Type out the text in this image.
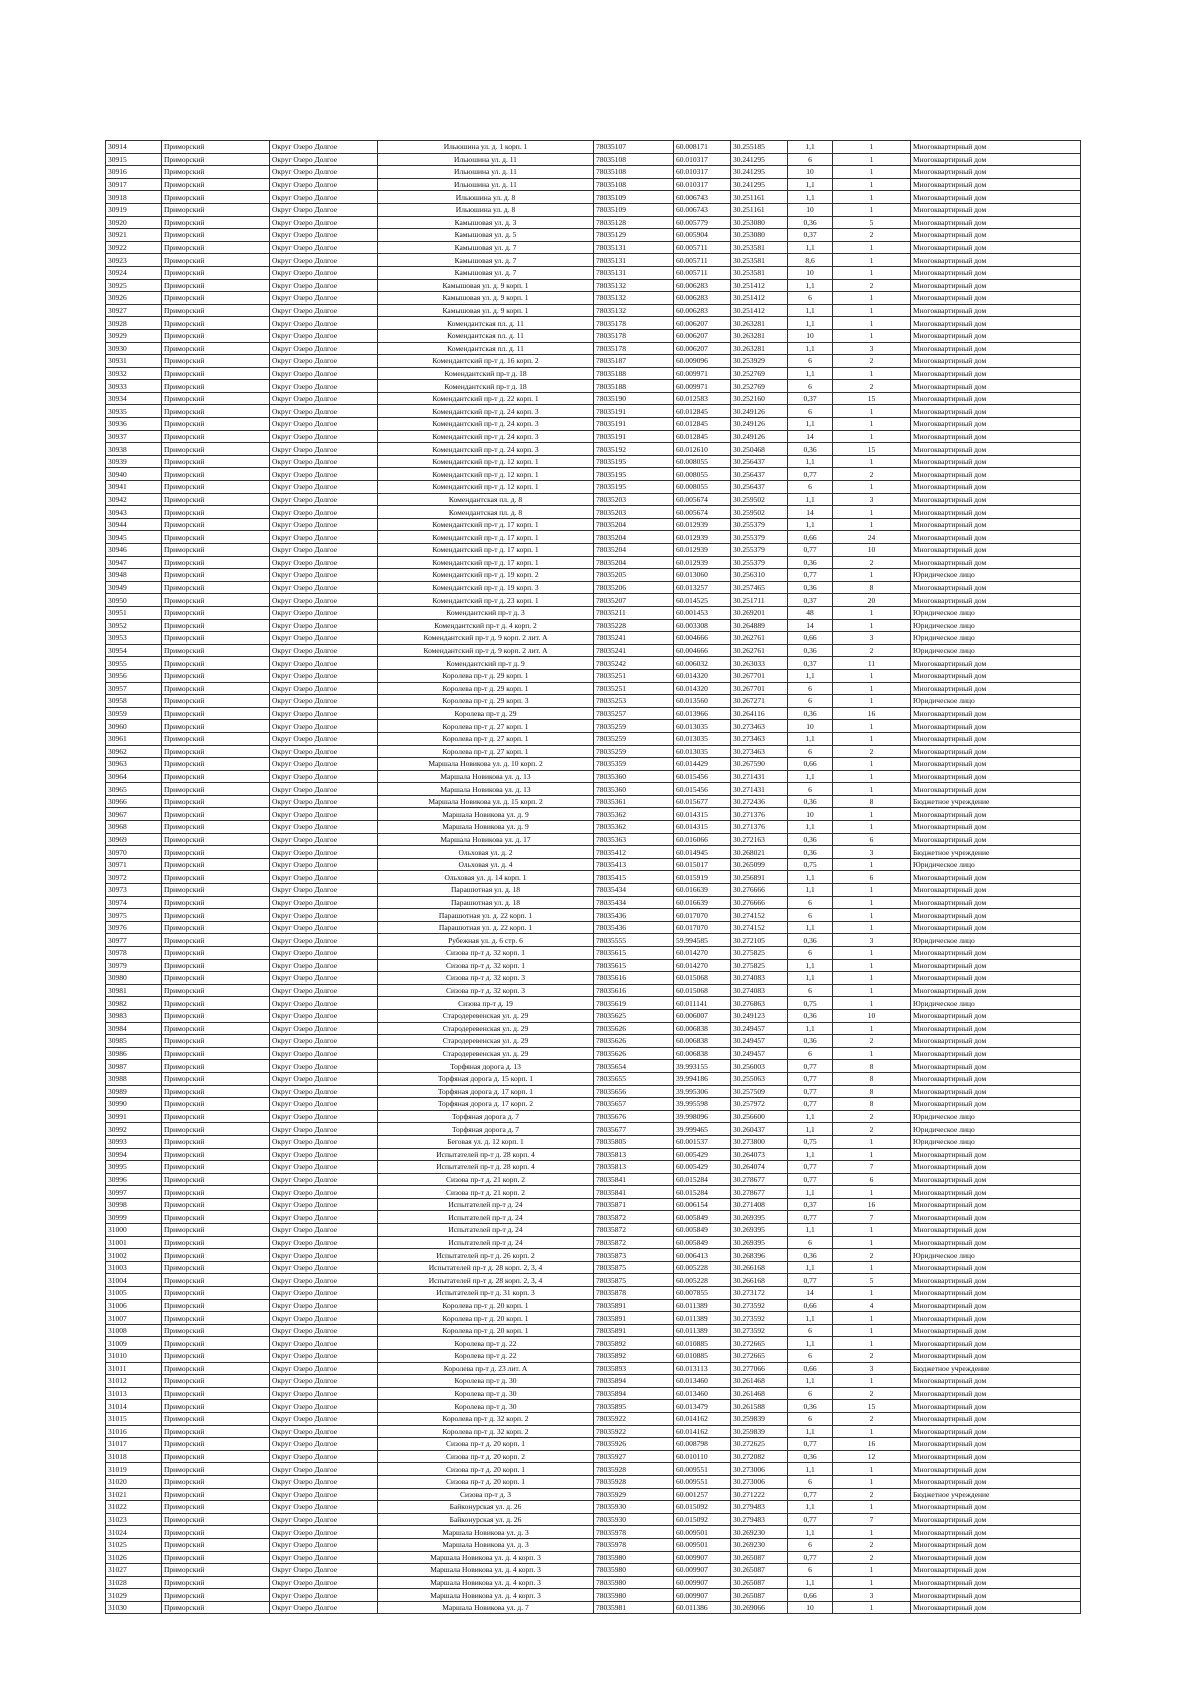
30914	Приморский	Округ Озеро Долгое	Ильюшина ул. д. 1 корп. 1	78035107	60.008171	30.255185	1,1	1	Многоквартирный дом
30915	Приморский	Округ Озеро Долгое	Ильюшина ул. д. 11	78035108	60.010317	30.241295	6	1	Многоквартирный дом
30916	Приморский	Округ Озеро Долгое	Ильюшина ул. д. 11	78035108	60.010317	30.241295	10	1	Многоквартирный дом
30917	Приморский	Округ Озеро Долгое	Ильюшина ул. д. 11	78035108	60.010317	30.241295	1,1	1	Многоквартирный дом
30918	Приморский	Округ Озеро Долгое	Ильюшина ул. д. 8	78035109	60.006743	30.251161	1,1	1	Многоквартирный дом
30919	Приморский	Округ Озеро Долгое	Ильюшина ул. д. 8	78035109	60.006743	30.251161	10	1	Многоквартирный дом
30920	Приморский	Округ Озеро Долгое	Камышовая ул. д. 3	78035128	60.005779	30.253080	0,36	5	Многоквартирный дом
30921	Приморский	Округ Озеро Долгое	Камышовая ул. д. 5	78035129	60.005904	30.253080	0,37	2	Многоквартирный дом
30922	Приморский	Округ Озеро Долгое	Камышовая ул. д. 7	78035131	60.005711	30.253581	1,1	1	Многоквартирный дом
30923	Приморский	Округ Озеро Долгое	Камышовая ул. д. 7	78035131	60.005711	30.253581	8,6	1	Многоквартирный дом
30924	Приморский	Округ Озеро Долгое	Камышовая ул. д. 7	78035131	60.005711	30.253581	10	1	Многоквартирный дом
30925	Приморский	Округ Озеро Долгое	Камышовая ул. д. 9 корп. 1	78035132	60.006283	30.251412	1,1	2	Многоквартирный дом
30926	Приморский	Округ Озеро Долгое	Камышовая ул. д. 9 корп. 1	78035132	60.006283	30.251412	6	1	Многоквартирный дом
30927	Приморский	Округ Озеро Долгое	Камышовая ул. д. 9 корп. 1	78035132	60.006283	30.251412	1,1	1	Многоквартирный дом
30928	Приморский	Округ Озеро Долгое	Комендантская пл. д. 11	78035178	60.006207	30.263281	1,1	1	Многоквартирный дом
30929	Приморский	Округ Озеро Долгое	Комендантская пл. д. 11	78035178	60.006207	30.263281	10	1	Многоквартирный дом
30930	Приморский	Округ Озеро Долгое	Комендантская пл. д. 11	78035178	60.006207	30.263281	1,1	3	Многоквартирный дом
30931	Приморский	Округ Озеро Долгое	Комендантский пр-т д. 16 корп. 2	78035187	60.009096	30.253929	6	2	Многоквартирный дом
30932	Приморский	Округ Озеро Долгое	Комендантский пр-т д. 18	78035188	60.009971	30.252769	1,1	1	Многоквартирный дом
30933	Приморский	Округ Озеро Долгое	Комендантский пр-т д. 18	78035188	60.009971	30.252769	6	2	Многоквартирный дом
30934	Приморский	Округ Озеро Долгое	Комендантский пр-т д. 22 корп. 1	78035190	60.012583	30.252160	0,37	15	Многоквартирный дом
30935	Приморский	Округ Озеро Долгое	Комендантский пр-т д. 24 корп. 3	78035191	60.012845	30.249126	6	1	Многоквартирный дом
30936	Приморский	Округ Озеро Долгое	Комендантский пр-т д. 24 корп. 3	78035191	60.012845	30.249126	1,1	1	Многоквартирный дом
30937	Приморский	Округ Озеро Долгое	Комендантский пр-т д. 24 корп. 3	78035191	60.012845	30.249126	14	1	Многоквартирный дом
30938	Приморский	Округ Озеро Долгое	Комендантский пр-т д. 24 корп. 3	78035192	60.012610	30.250468	0,36	15	Многоквартирный дом
30939	Приморский	Округ Озеро Долгое	Комендантский пр-т д. 12 корп. 1	78035195	60.008055	30.256437	1,1	1	Многоквартирный дом
30940	Приморский	Округ Озеро Долгое	Комендантский пр-т д. 12 корп. 1	78035195	60.008055	30.256437	0,77	2	Многоквартирный дом
30941	Приморский	Округ Озеро Долгое	Комендантский пр-т д. 12 корп. 1	78035195	60.008055	30.256437	6	1	Многоквартирный дом
30942	Приморский	Округ Озеро Долгое	Комендантская пл. д. 8	78035203	60.005674	30.259502	1,1	3	Многоквартирный дом
30943	Приморский	Округ Озеро Долгое	Комендантская пл. д. 8	78035203	60.005674	30.259502	14	1	Многоквартирный дом
30944	Приморский	Округ Озеро Долгое	Комендантский пр-т д. 17 корп. 1	78035204	60.012939	30.255379	1,1	1	Многоквартирный дом
30945	Приморский	Округ Озеро Долгое	Комендантский пр-т д. 17 корп. 1	78035204	60.012939	30.255379	0,66	24	Многоквартирный дом
30946	Приморский	Округ Озеро Долгое	Комендантский пр-т д. 17 корп. 1	78035204	60.012939	30.255379	0,77	10	Многоквартирный дом
30947	Приморский	Округ Озеро Долгое	Комендантский пр-т д. 17 корп. 1	78035204	60.012939	30.255379	0,36	2	Многоквартирный дом
30948	Приморский	Округ Озеро Долгое	Комендантский пр-т д. 19 корп. 2	78035205	60.013060	30.256310	0,77	1	Юридическое лицо
30949	Приморский	Округ Озеро Долгое	Комендантский пр-т д. 19 корп. 3	78035206	60.013257	30.257465	0,36	8	Многоквартирный дом
30950	Приморский	Округ Озеро Долгое	Комендантский пр-т д. 23 корп. 1	78035207	60.014525	30.251711	0,37	20	Многоквартирный дом
30951	Приморский	Округ Озеро Долгое	Комендантский пр-т д. 3	78035211	60.001453	30.269201	48	1	Юридическое лицо
30952	Приморский	Округ Озеро Долгое	Комендантский пр-т д. 4 корп. 2	78035228	60.003308	30.264889	14	1	Юридическое лицо
30953	Приморский	Округ Озеро Долгое	Комендантский пр-т д. 9 корп. 2 лит. А	78035241	60.004666	30.262761	0,66	3	Юридическое лицо
30954	Приморский	Округ Озеро Долгое	Комендантский пр-т д. 9 корп. 2 лит. А	78035241	60.004666	30.262761	0,36	2	Юридическое лицо
30955	Приморский	Округ Озеро Долгое	Комендантский пр-т д. 9	78035242	60.006032	30.263033	0,37	11	Многоквартирный дом
30956	Приморский	Округ Озеро Долгое	Королева пр-т д. 29 корп. 1	78035251	60.014320	30.267701	1,1	1	Многоквартирный дом
30957	Приморский	Округ Озеро Долгое	Королева пр-т д. 29 корп. 1	78035251	60.014320	30.267701	6	1	Многоквартирный дом
30958	Приморский	Округ Озеро Долгое	Королева пр-т д. 29 корп. 3	78035253	60.013560	30.267271	6	1	Юридическое лицо
30959	Приморский	Округ Озеро Долгое	Королева пр-т д. 29	78035257	60.013966	30.264116	0,36	16	Многоквартирный дом
30960	Приморский	Округ Озеро Долгое	Королева пр-т д. 27 корп. 1	78035259	60.013035	30.273463	10	1	Многоквартирный дом
30961	Приморский	Округ Озеро Долгое	Королева пр-т д. 27 корп. 1	78035259	60.013035	30.273463	1,1	1	Многоквартирный дом
30962	Приморский	Округ Озеро Долгое	Королева пр-т д. 27 корп. 1	78035259	60.013035	30.273463	6	2	Многоквартирный дом
30963	Приморский	Округ Озеро Долгое	Маршала Новикова ул. д. 10 корп. 2	78035359	60.014429	30.267590	0,66	1	Многоквартирный дом
30964	Приморский	Округ Озеро Долгое	Маршала Новикова ул. д. 13	78035360	60.015456	30.271431	1,1	1	Многоквартирный дом
30965	Приморский	Округ Озеро Долгое	Маршала Новикова ул. д. 13	78035360	60.015456	30.271431	6	1	Многоквартирный дом
30966	Приморский	Округ Озеро Долгое	Маршала Новикова ул. д. 15 корп. 2	78035361	60.015677	30.272436	0,36	8	Бюджетное учреждение
30967	Приморский	Округ Озеро Долгое	Маршала Новикова ул. д. 9	78035362	60.014315	30.271376	10	1	Многоквартирный дом
30968	Приморский	Округ Озеро Долгое	Маршала Новикова ул. д. 9	78035362	60.014315	30.271376	1,1	1	Многоквартирный дом
30969	Приморский	Округ Озеро Долгое	Маршала Новикова ул. д. 17	78035363	60.016066	30.272163	0,36	6	Многоквартирный дом
30970	Приморский	Округ Озеро Долгое	Ольховая ул. д. 2	78035412	60.014945	30.268021	0,36	3	Бюджетное учреждение
30971	Приморский	Округ Озеро Долгое	Ольховая ул. д. 4	78035413	60.015017	30.265099	0,75	1	Юридическое лицо
30972	Приморский	Округ Озеро Долгое	Ольховая ул. д. 14 корп. 1	78035415	60.015919	30.256891	1,1	6	Многоквартирный дом
30973	Приморский	Округ Озеро Долгое	Парашютная ул. д. 18	78035434	60.016639	30.276666	1,1	1	Многоквартирный дом
30974	Приморский	Округ Озеро Долгое	Парашютная ул. д. 18	78035434	60.016639	30.276666	6	1	Многоквартирный дом
30975	Приморский	Округ Озеро Долгое	Парашютная ул. д. 22 корп. 1	78035436	60.017070	30.274152	6	1	Многоквартирный дом
30976	Приморский	Округ Озеро Долгое	Парашютная ул. д. 22 корп. 1	78035436	60.017070	30.274152	1,1	1	Многоквартирный дом
30977	Приморский	Округ Озеро Долгое	Рубежная ул. д. 6 стр. 6	78035555	59.994585	30.272105	0,36	3	Юридическое лицо
30978	Приморский	Округ Озеро Долгое	Сизова пр-т д. 32 корп. 1	78035615	60.014270	30.275825	6	1	Многоквартирный дом
30979	Приморский	Округ Озеро Долгое	Сизова пр-т д. 32 корп. 1	78035615	60.014270	30.275825	1,1	1	Многоквартирный дом
30980	Приморский	Округ Озеро Долгое	Сизова пр-т д. 32 корп. 3	78035616	60.015068	30.274083	1,1	1	Многоквартирный дом
30981	Приморский	Округ Озеро Долгое	Сизова пр-т д. 32 корп. 3	78035616	60.015068	30.274083	6	1	Многоквартирный дом
30982	Приморский	Округ Озеро Долгое	Сизова пр-т д. 19	78035619	60.011141	30.276863	0,75	1	Юридическое лицо
30983	Приморский	Округ Озеро Долгое	Стародеревенская ул. д. 29	78035625	60.006007	30.249123	0,36	10	Многоквартирный дом
30984	Приморский	Округ Озеро Долгое	Стародеревенская ул. д. 29	78035626	60.006838	30.249457	1,1	1	Многоквартирный дом
30985	Приморский	Округ Озеро Долгое	Стародеревенская ул. д. 29	78035626	60.006838	30.249457	0,36	2	Многоквартирный дом
30986	Приморский	Округ Озеро Долгое	Стародеревенская ул. д. 29	78035626	60.006838	30.249457	6	1	Многоквартирный дом
30987	Приморский	Округ Озеро Долгое	Торфяная дорога д. 13	78035654	39.993155	30.256003	0,77	8	Многоквартирный дом
30988	Приморский	Округ Озеро Долгое	Торфяная дорога д. 15 корп. 1	78035655	39.994186	30.255063	0,77	8	Многоквартирный дом
30989	Приморский	Округ Озеро Долгое	Торфяная дорога д. 17 корп. 1	78035656	39.995306	30.257509	0,77	8	Многоквартирный дом
30990	Приморский	Округ Озеро Долгое	Торфяная дорога д. 17 корп. 2	78035657	39.995598	30.257972	0,77	8	Многоквартирный дом
30991	Приморский	Округ Озеро Долгое	Торфяная дорога д. 7	78035676	39.998096	30.256600	1,1	2	Юридическое лицо
30992	Приморский	Округ Озеро Долгое	Торфяная дорога д. 7	78035677	39.999465	30.260437	1,1	2	Юридическое лицо
30993	Приморский	Округ Озеро Долгое	Беговая ул. д. 12 корп. 1	78035805	60.001537	30.273800	0,75	1	Юридическое лицо
30994	Приморский	Округ Озеро Долгое	Испытателей пр-т д. 28 корп. 4	78035813	60.005429	30.264073	1,1	1	Многоквартирный дом
30995	Приморский	Округ Озеро Долгое	Испытателей пр-т д. 28 корп. 4	78035813	60.005429	30.264074	0,77	7	Многоквартирный дом
30996	Приморский	Округ Озеро Долгое	Сизова пр-т д. 21 корп. 2	78035841	60.015284	30.278677	0,77	6	Многоквартирный дом
30997	Приморский	Округ Озеро Долгое	Сизова пр-т д. 21 корп. 2	78035841	60.015284	30.278677	1,1	1	Многоквартирный дом
30998	Приморский	Округ Озеро Долгое	Испытателей пр-т д. 24	78035871	60.006154	30.271408	0,37	16	Многоквартирный дом
30999	Приморский	Округ Озеро Долгое	Испытателей пр-т д. 24	78035872	60.005849	30.269395	0,77	7	Многоквартирный дом
31000	Приморский	Округ Озеро Долгое	Испытателей пр-т д. 24	78035872	60.005849	30.269395	1,1	1	Многоквартирный дом
31001	Приморский	Округ Озеро Долгое	Испытателей пр-т д. 24	78035872	60.005849	30.269395	6	1	Многоквартирный дом
31002	Приморский	Округ Озеро Долгое	Испытателей пр-т д. 26 корп. 2	78035873	60.006413	30.268396	0,36	2	Юридическое лицо
31003	Приморский	Округ Озеро Долгое	Испытателей пр-т д. 28 корп. 2, 3, 4	78035875	60.005228	30.266168	1,1	1	Многоквартирный дом
31004	Приморский	Округ Озеро Долгое	Испытателей пр-т д. 28 корп. 2, 3, 4	78035875	60.005228	30.266168	0,77	5	Многоквартирный дом
31005	Приморский	Округ Озеро Долгое	Испытателей пр-т д. 31 корп. 3	78035878	60.007855	30.273172	14	1	Многоквартирный дом
31006	Приморский	Округ Озеро Долгое	Королева пр-т д. 20 корп. 1	78035891	60.011389	30.273592	0,66	4	Многоквартирный дом
31007	Приморский	Округ Озеро Долгое	Королева пр-т д. 20 корп. 1	78035891	60.011389	30.273592	1,1	1	Многоквартирный дом
31008	Приморский	Округ Озеро Долгое	Королева пр-т д. 20 корп. 1	78035891	60.011389	30.273592	6	1	Многоквартирный дом
31009	Приморский	Округ Озеро Долгое	Королева пр-т д. 22	78035892	60.010885	30.272665	1,1	1	Многоквартирный дом
31010	Приморский	Округ Озеро Долгое	Королева пр-т д. 22	78035892	60.010885	30.272665	6	2	Многоквартирный дом
31011	Приморский	Округ Озеро Долгое	Королева пр-т д. 23 лит. А	78035893	60.013113	30.277066	0,66	3	Бюджетное учреждение
31012	Приморский	Округ Озеро Долгое	Королева пр-т д. 30	78035894	60.013460	30.261468	1,1	1	Многоквартирный дом
31013	Приморский	Округ Озеро Долгое	Королева пр-т д. 30	78035894	60.013460	30.261468	6	2	Многоквартирный дом
31014	Приморский	Округ Озеро Долгое	Королева пр-т д. 30	78035895	60.013479	30.261588	0,36	15	Многоквартирный дом
31015	Приморский	Округ Озеро Долгое	Королева пр-т д. 32 корп. 2	78035922	60.014162	30.259839	6	2	Многоквартирный дом
31016	Приморский	Округ Озеро Долгое	Королева пр-т д. 32 корп. 2	78035922	60.014162	30.259839	1,1	1	Многоквартирный дом
31017	Приморский	Округ Озеро Долгое	Сизова пр-т д. 20 корп. 1	78035926	60.008798	30.272625	0,77	16	Многоквартирный дом
31018	Приморский	Округ Озеро Долгое	Сизова пр-т д. 20 корп. 2	78035927	60.010110	30.272082	0,36	12	Многоквартирный дом
31019	Приморский	Округ Озеро Долгое	Сизова пр-т д. 20 корп. 1	78035928	60.009551	30.273006	1,1	1	Многоквартирный дом
31020	Приморский	Округ Озеро Долгое	Сизова пр-т д. 20 корп. 1	78035928	60.009551	30.273006	6	1	Многоквартирный дом
31021	Приморский	Округ Озеро Долгое	Сизова пр-т д. 3	78035929	60.001257	30.271222	0,77	2	Бюджетное учреждение
31022	Приморский	Округ Озеро Долгое	Байконурская ул. д. 26	78035930	60.015092	30.279483	1,1	1	Многоквартирный дом
31023	Приморский	Округ Озеро Долгое	Байконурская ул. д. 26	78035930	60.015092	30.279483	0,77	7	Многоквартирный дом
31024	Приморский	Округ Озеро Долгое	Маршала Новикова ул. д. 3	78035978	60.009501	30.269230	1,1	1	Многоквартирный дом
31025	Приморский	Округ Озеро Долгое	Маршала Новикова ул. д. 3	78035978	60.009501	30.269230	6	2	Многоквартирный дом
31026	Приморский	Округ Озеро Долгое	Маршала Новикова ул. д. 4 корп. 3	78035980	60.009907	30.265087	0,77	2	Многоквартирный дом
31027	Приморский	Округ Озеро Долгое	Маршала Новикова ул. д. 4 корп. 3	78035980	60.009907	30.265087	6	1	Многоквартирный дом
31028	Приморский	Округ Озеро Долгое	Маршала Новикова ул. д. 4 корп. 3	78035980	60.009907	30.265087	1,1	1	Многоквартирный дом
31029	Приморский	Округ Озеро Долгое	Маршала Новикова ул. д. 4 корп. 3	78035980	60.009907	30.265087	0,66	3	Многоквартирный дом
31030	Приморский	Округ Озеро Долгое	Маршала Новикова ул. д. 7	78035981	60.011386	30.269066	10	1	Многоквартирный дом
